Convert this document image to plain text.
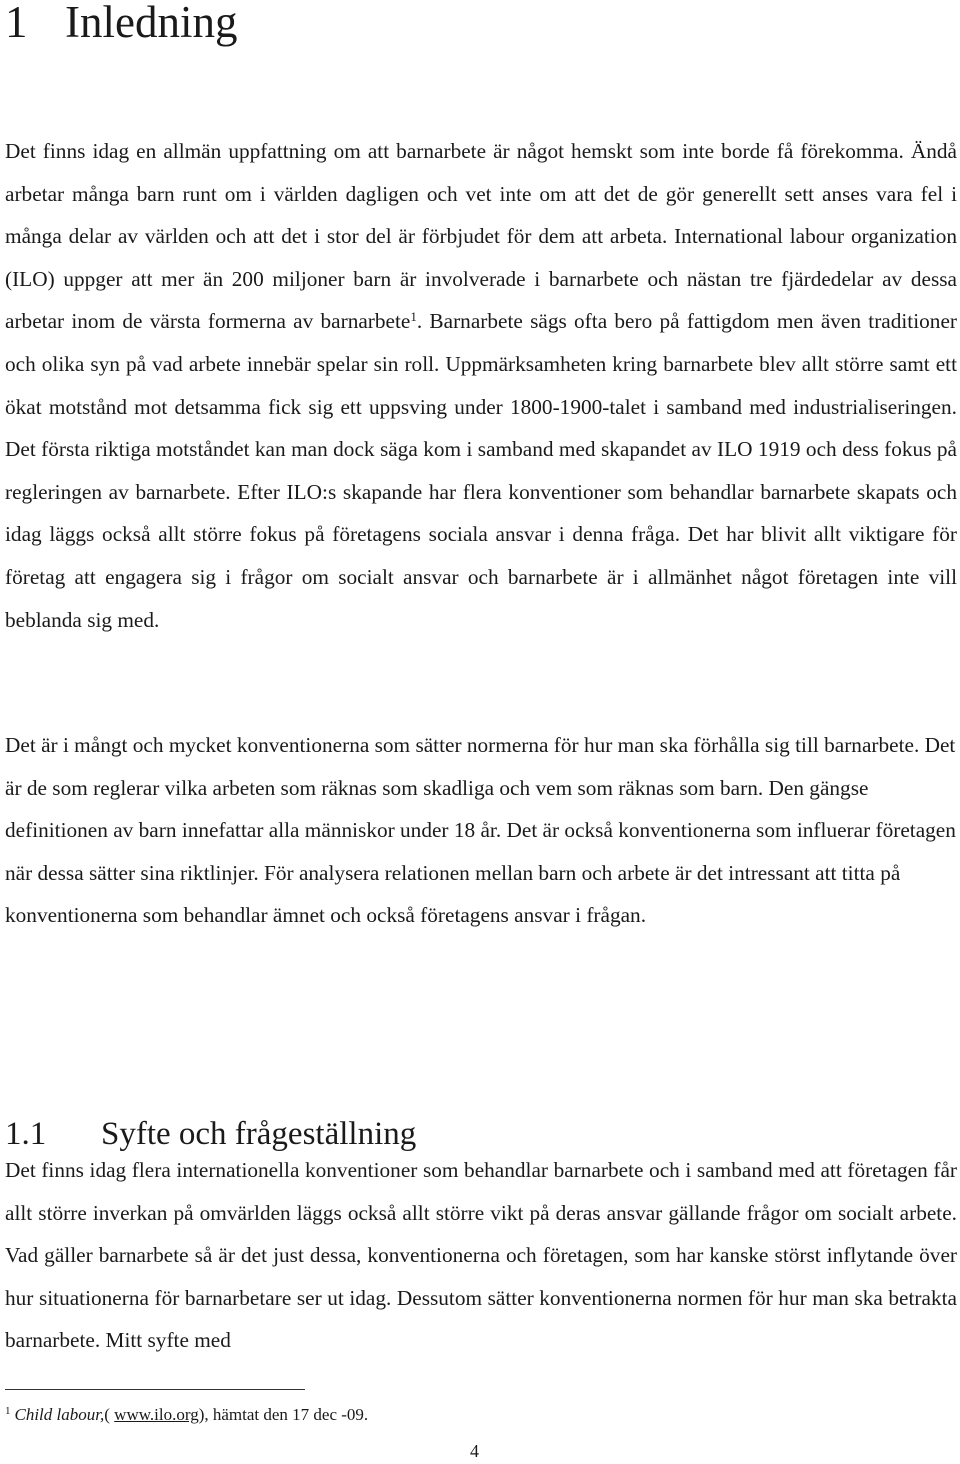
1 Inledning

Det finns idag en allmän uppfattning om att barnarbete är något hemskt som inte borde få förekomma. Ändå arbetar många barn runt om i världen dagligen och vet inte om att det de gör generellt sett anses vara fel i många delar av världen och att det i stor del är förbjudet för dem att arbeta. International labour organization (ILO) uppger att mer än 200 miljoner barn är involverade i barnarbete och nästan tre fjärdedelar av dessa arbetar inom de värsta formerna av barnarbete$^1$. Barnarbete sägs ofta bero på fattigdom men även traditioner och olika syn på vad arbete innebär spelar sin roll. Uppmärksamheten kring barnarbete blev allt större samt ett ökat motstånd mot detsamma fick sig ett uppsving under 1800-1900-talet i samband med industrialiseringen. Det första riktiga motståndet kan man dock säga kom i samband med skapandet av ILO 1919 och dess fokus på regleringen av barnarbete. Efter ILO:s skapande har flera konventioner som behandlar barnarbete skapats och idag läggs också allt större fokus på företagens sociala ansvar i denna fråga. Det har blivit allt viktigare för företag att engagera sig i frågor om socialt ansvar och barnarbete är i allmänhet något företagen inte vill beblanda sig med.

Det är i mångt och mycket konventionerna som sätter normerna för hur man ska förhålla sig till barnarbete. Det är de som reglerar vilka arbeten som räknas som skadliga och vem som räknas som barn. Den gängse definitionen av barn innefattar alla människor under 18 år. Det är också konventionerna som influerar företagen när dessa sätter sina riktlinjer. För analysera relationen mellan barn och arbete är det intressant att titta på konventionerna som behandlar ämnet och också företagens ansvar i frågan.

1.1 Syfte och frågeställning

Det finns idag flera internationella konventioner som behandlar barnarbete och i samband med att företagen får allt större inverkan på omvärlden läggs också allt större vikt på deras ansvar gällande frågor om socialt arbete. Vad gäller barnarbete så är det just dessa, konventionerna och företagen, som har kanske störst inflytande över hur situationerna för barnarbetare ser ut idag. Dessutom sätter konventionerna normen för hur man ska betrakta barnarbete. Mitt syfte med

$^1$ Child labour,( www.ilo.org), hämtat den 17 dec -09.
4
